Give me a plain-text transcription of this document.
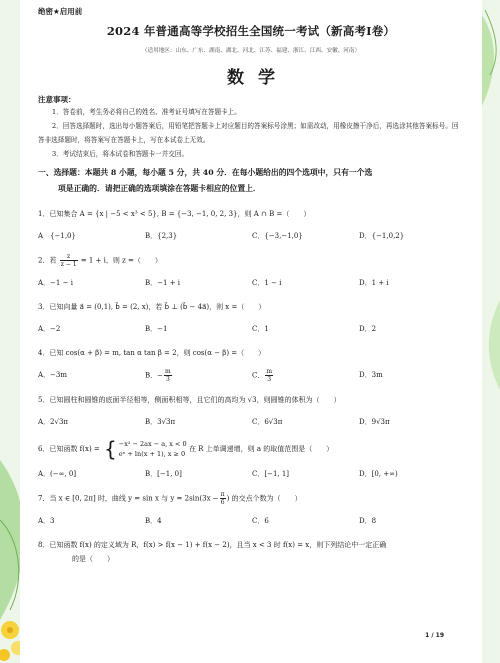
绝密★启用前
2024 年普通高等学校招生全国统一考试（新高考Ⅰ卷）
（适用地区：山东、广东、湖南、湖北、河北、江苏、福建、浙江、江西、安徽、河南）
数学
注意事项：

1．答卷前，考生务必将自己的姓名、准考证号填写在答题卡上。

2．回答选择题时，选出每小题答案后，用铅笔把答题卡上对应题目的答案标号涂黑；如需改动，用橡皮擦干净后，再选涂其他答案标号。回答非选择题时，将答案写在答题卡上，写在本试卷上无效。

3．考试结束后，将本试卷和答题卡一并交回。

一、选择题：本题共 8 小题，每小题 5 分，共 40 分．在每小题给出的四个选项中，只有一个选
项是正确的．请把正确的选项填涂在答题卡相应的位置上．
1．已知集合 A = {x | −5 < x³ < 5}, B = {−3, −1, 0, 2, 3}，则 A ∩ B =（　　）
A　{−1,0}	B．{2,3}	C．{−3,−1,0}	D．{−1,0,2}
2．若 $\frac{z}{z - 1} = 1 + i$，则 z =（　　）
A．−1 − i	B．−1 + i	C．1 − i	D．1 + i
3．已知向量 a⃗ = (0,1), b⃗ = (2, x)，若 b⃗ ⊥ (b⃗ − 4a⃗)，则 x =（　　）
A．−2	B．−1	C．1	D．2
4．已知 cos(α + β) = m, tan α tan β = 2，则 cos(α − β) =（　　）
A．−3m	B．− $\frac{m}{3}$	C． $\frac{m}{3}$	D．3m
5．已知圆柱和圆锥的底面半径相等，侧面积相等，且它们的高均为 √3，则圆锥的体积为（　　）
A．2√3π	B．3√3π	C．6√3π	D．9√3π
6．已知函数 f(x) = { −x² − 2ax − a, x < 0
eˣ + ln(x + 1), x ≥ 0
在 R 上单调递增，则 a 的取值范围是（　　）
A．(−∞, 0]	B．[−1, 0]	C．[−1, 1]	D．[0, +∞)
7．当 x ∈ [0, 2π] 时，曲线 y = sin x 与 $y = 2\sin(3x - \frac{\pi}{6}$ ) 的交点个数为（　　）
A．3	B．4	C．6	D．8
8．已知函数 f(x) 的定义域为 R，f(x) > f(x − 1) + f(x − 2)，且当 x < 3 时 f(x) = x，则下列结论中一定正确
的是（　　）
1 / 19
